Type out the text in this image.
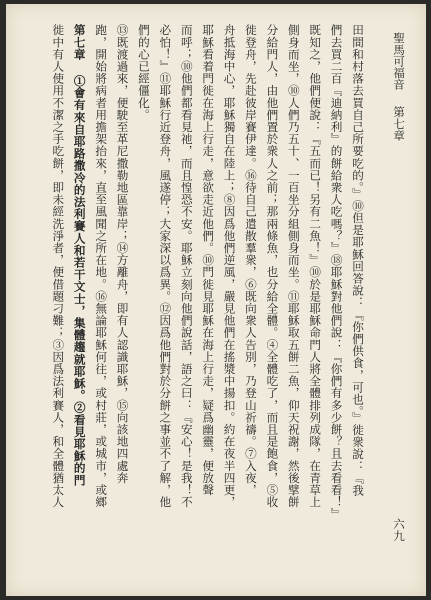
聖馬可福音
第七章
六九
田間和村落去買自己所要吃的。』⑩但是耶穌回答說：『你們供食，可也。』徙衆說：『我
們去買二百『迪納利』的餅給衆人吃嗎？』⑱耶穌對他們說：『你們有多少餅？且去看看！』
既知之，他們便說：『五而已！另有二魚！』⑩於是耶穌命門人將全體排列成隊，在青草上
側身而坐，⑩人們乃五十、一百坐分組側身而坐。⑪耶穌取五餅二魚，仰天祝謝，然後擘餅
分給門人，由他們置於衆人之前；那兩條魚，也分給全體。④全體吃了，而且是飽食，⑤收
徙登舟，先赴彼岸賽伊達。⑯待自己遣散羣衆，⑥既向衆人告別，乃登山祈禱。⑦入夜，
舟抵海中心，耶穌獨自在陸上；⑧因爲他們逆風，嚴見他們在搖漿中揚扣。約在夜半四更，
耶穌看着門徙在海上行走，意欲走近他們。⑩門徙見耶穌在海上行走，疑爲幽靈，便放聲
而呼；⑩他們都看見祂，而且惶恐不安。耶穌立刻向他們說話，語之曰：『安心！是我！不
必怕！』⑪耶穌行近登舟，風遂停；大家深以爲異。⑫因爲他們對於分餅之事並不了解，他
們的心已經僵化。
⑬既渡過來，便駛至革尼撒勒地區靠岸；⑭方離舟，即有人認識耶穌，⑮向該地四處奔
跑，開始將病者用擔架抬來，直至風聞之所在地。⑯無論耶穌何往，或村莊，或城市，或鄉
第七章 ①會有來自耶路撒冷的法利賽人和若干文士，集體趨就耶穌。②看見耶穌的門
徙中有人使用不潔之手吃餅，即未經洗淨者，便借題刁難；③因爲法利賽人，和全體猶太人
